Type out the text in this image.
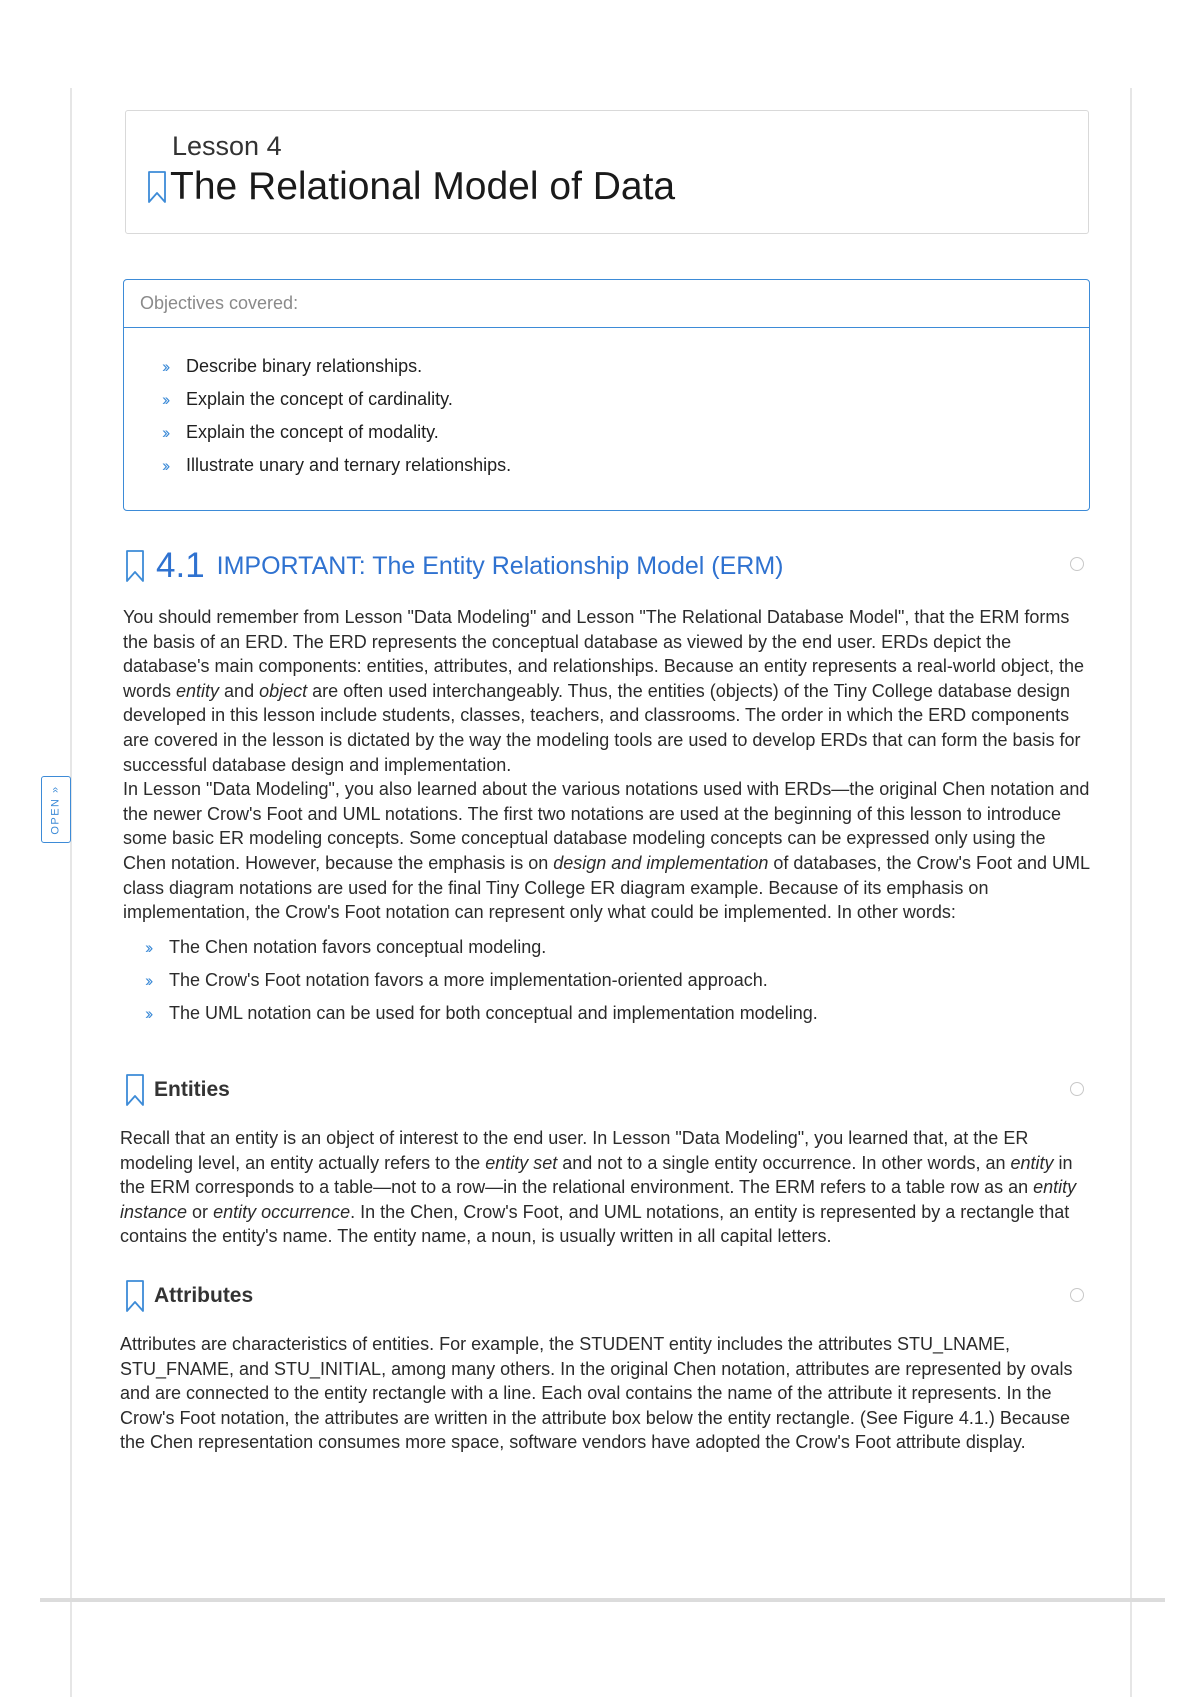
OPEN »
Lesson 4
The Relational Model of Data
Objectives covered:
››	Describe binary relationships.
››	Explain the concept of cardinality.
››	Explain the concept of modality.
››	Illustrate unary and ternary relationships.
4.1 IMPORTANT: The Entity Relationship Model (ERM)

You should remember from Lesson "Data Modeling" and Lesson "The Relational Database Model", that the ERM forms the basis of an ERD. The ERD represents the conceptual database as viewed by the end user. ERDs depict the database's main components: entities, attributes, and relationships. Because an entity represents a real-world object, the words entity and object are often used interchangeably. Thus, the entities (objects) of the Tiny College database design developed in this lesson include students, classes, teachers, and classrooms. The order in which the ERD components are covered in the lesson is dictated by the way the modeling tools are used to develop ERDs that can form the basis for successful database design and implementation.

In Lesson "Data Modeling", you also learned about the various notations used with ERDs—the original Chen notation and the newer Crow's Foot and UML notations. The first two notations are used at the beginning of this lesson to introduce some basic ER modeling concepts. Some conceptual database modeling concepts can be expressed only using the Chen notation. However, because the emphasis is on design and implementation of databases, the Crow's Foot and UML class diagram notations are used for the final Tiny College ER diagram example. Because of its emphasis on implementation, the Crow's Foot notation can represent only what could be implemented. In other words:

››	The Chen notation favors conceptual modeling.
››	The Crow's Foot notation favors a more implementation-oriented approach.
››	The UML notation can be used for both conceptual and implementation modeling.
Entities

Recall that an entity is an object of interest to the end user. In Lesson "Data Modeling", you learned that, at the ER modeling level, an entity actually refers to the entity set and not to a single entity occurrence. In other words, an entity in the ERM corresponds to a table—not to a row—in the relational environment. The ERM refers to a table row as an entity instance or entity occurrence. In the Chen, Crow's Foot, and UML notations, an entity is represented by a rectangle that contains the entity's name. The entity name, a noun, is usually written in all capital letters.

Attributes

Attributes are characteristics of entities. For example, the STUDENT entity includes the attributes STU_LNAME, STU_FNAME, and STU_INITIAL, among many others. In the original Chen notation, attributes are represented by ovals and are connected to the entity rectangle with a line. Each oval contains the name of the attribute it represents. In the Crow's Foot notation, the attributes are written in the attribute box below the entity rectangle. (See Figure 4.1.) Because the Chen representation consumes more space, software vendors have adopted the Crow's Foot attribute display.
